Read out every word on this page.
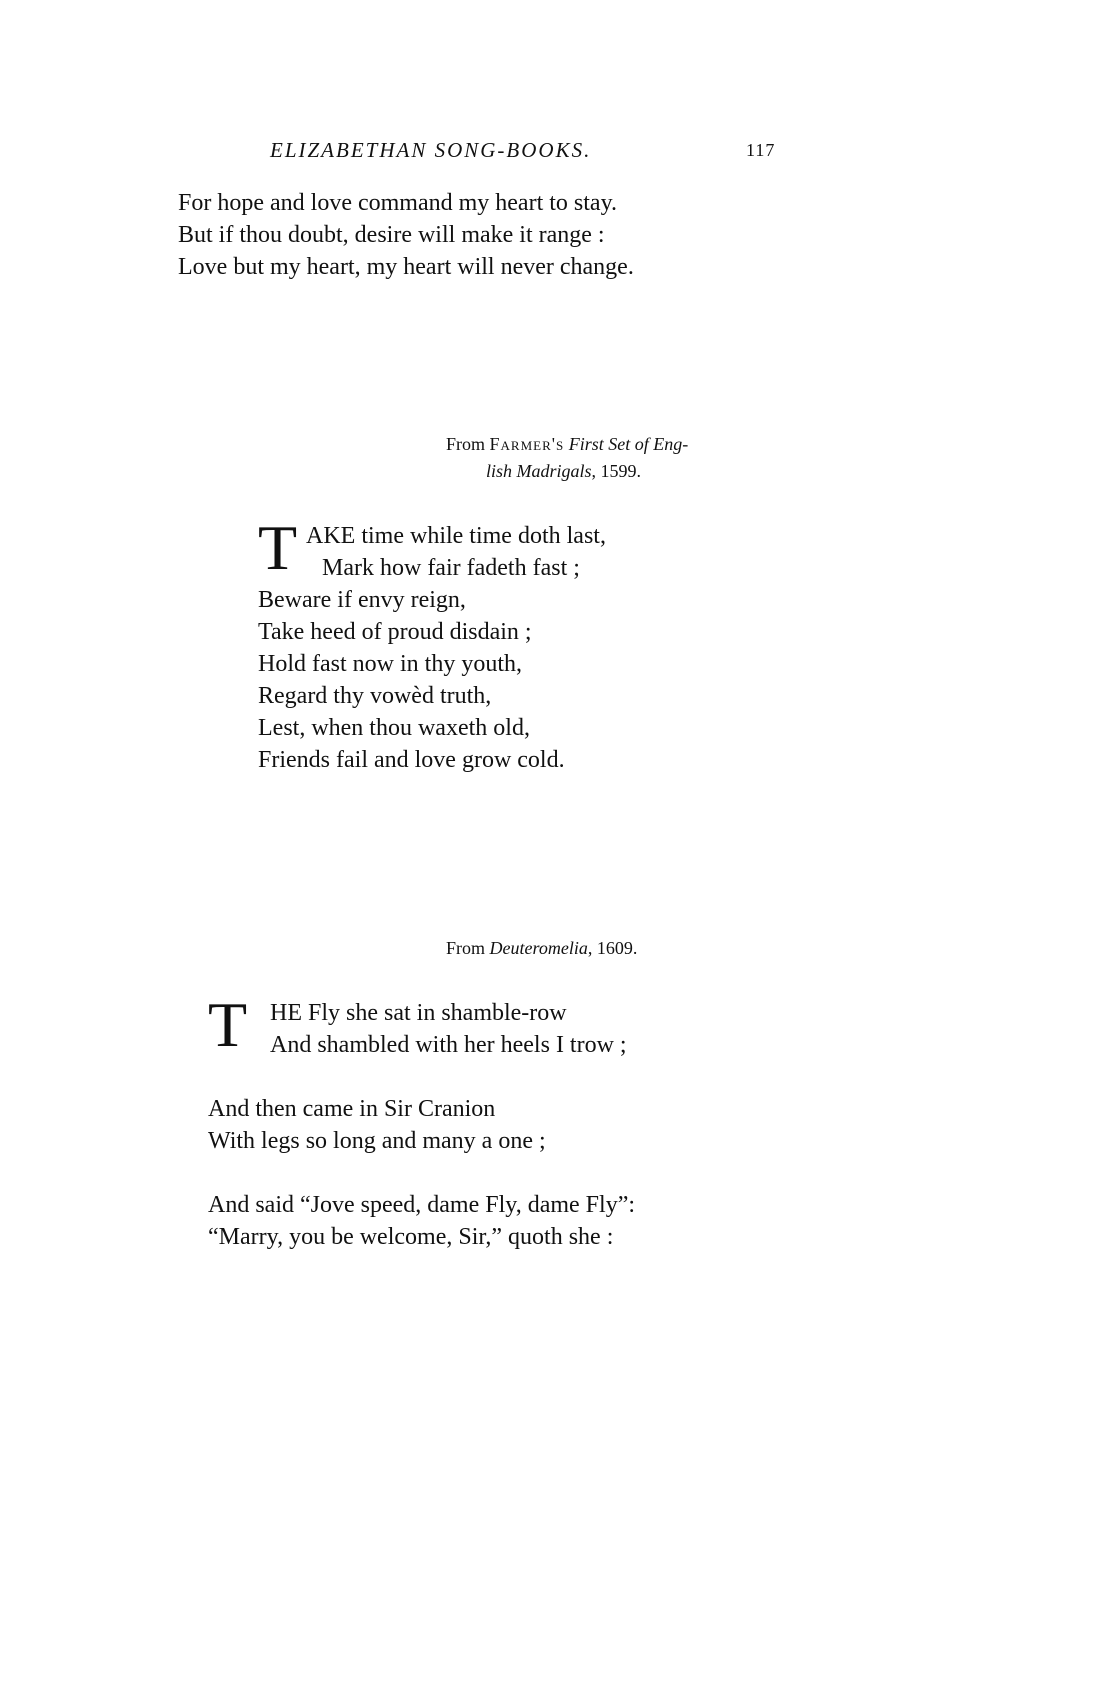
ELIZABETHAN SONG-BOOKS.	117
For hope and love command my heart to stay.
But if thou doubt, desire will make it range :
Love but my heart, my heart will never change.
From Farmer's First Set of Eng-
lish Madrigals, 1599.
T AKE time while time doth last,
Mark how fair fadeth fast ;
Beware if envy reign,
Take heed of proud disdain ;
Hold fast now in thy youth,
Regard thy vowèd truth,
Lest, when thou waxeth old,
Friends fail and love grow cold.
From Deuteromelia, 1609.
T HE Fly she sat in shamble-row
And shambled with her heels I trow ;
And then came in Sir Cranion
With legs so long and many a one ;
And said “Jove speed, dame Fly, dame Fly”:
“Marry, you be welcome, Sir,” quoth she :
